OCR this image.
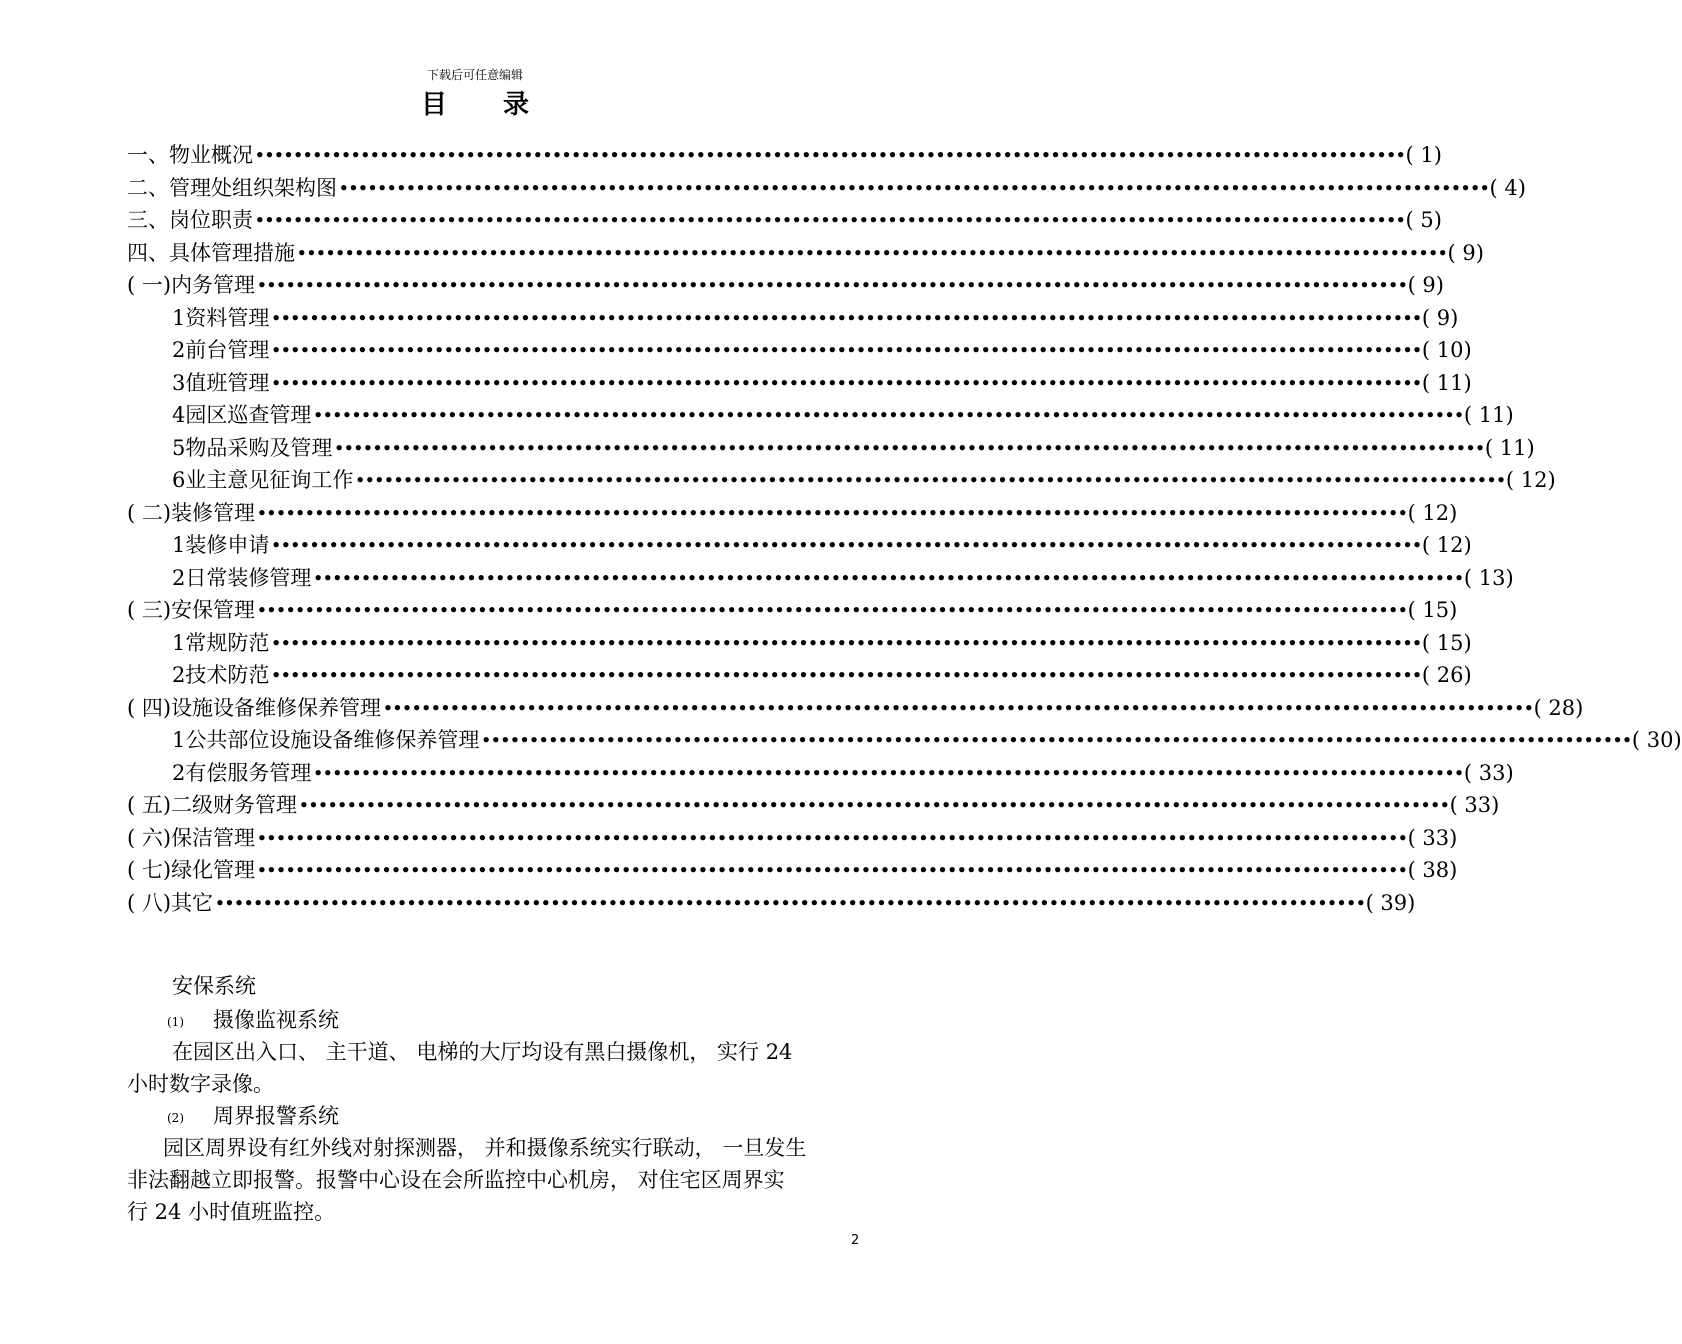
下载后可任意编辑
目 录
一、 物业概况 •••••••••••••••••••••••••••••••••••••••••••••••••••••••••••••••••••••••••••••••••••••••••••••••••••••••••••••••••••••••• ( 1)
二、 管理处组织架构图 •••••••••••••••••••••••••••••••••••••••••••••••••••••••••••••••••••••••••••••••••••••••••••••••••••••••••••••••••••••••• ( 4)
三、 岗位职责 •••••••••••••••••••••••••••••••••••••••••••••••••••••••••••••••••••••••••••••••••••••••••••••••••••••••••••••••••••••••• ( 5)
四、 具体管理措施 •••••••••••••••••••••••••••••••••••••••••••••••••••••••••••••••••••••••••••••••••••••••••••••••••••••••••••••••••••••••• ( 9)
( 一) 内务管理 •••••••••••••••••••••••••••••••••••••••••••••••••••••••••••••••••••••••••••••••••••••••••••••••••••••••••••••••••••••••• ( 9)
1 资料管理 •••••••••••••••••••••••••••••••••••••••••••••••••••••••••••••••••••••••••••••••••••••••••••••••••••••••••••••••••••••••• ( 9)
2 前台管理 •••••••••••••••••••••••••••••••••••••••••••••••••••••••••••••••••••••••••••••••••••••••••••••••••••••••••••••••••••••••• ( 10)
3 值班管理 •••••••••••••••••••••••••••••••••••••••••••••••••••••••••••••••••••••••••••••••••••••••••••••••••••••••••••••••••••••••• ( 11)
4 园区巡查管理 •••••••••••••••••••••••••••••••••••••••••••••••••••••••••••••••••••••••••••••••••••••••••••••••••••••••••••••••••••••••• ( 11)
5 物品采购及管理 •••••••••••••••••••••••••••••••••••••••••••••••••••••••••••••••••••••••••••••••••••••••••••••••••••••••••••••••••••••••• ( 11)
6 业主意见征询工作 •••••••••••••••••••••••••••••••••••••••••••••••••••••••••••••••••••••••••••••••••••••••••••••••••••••••••••••••••••••••• ( 12)
( 二) 装修管理 •••••••••••••••••••••••••••••••••••••••••••••••••••••••••••••••••••••••••••••••••••••••••••••••••••••••••••••••••••••••• ( 12)
1 装修申请 •••••••••••••••••••••••••••••••••••••••••••••••••••••••••••••••••••••••••••••••••••••••••••••••••••••••••••••••••••••••• ( 12)
2 日常装修管理 •••••••••••••••••••••••••••••••••••••••••••••••••••••••••••••••••••••••••••••••••••••••••••••••••••••••••••••••••••••••• ( 13)
( 三) 安保管理 •••••••••••••••••••••••••••••••••••••••••••••••••••••••••••••••••••••••••••••••••••••••••••••••••••••••••••••••••••••••• ( 15)
1 常规防范 •••••••••••••••••••••••••••••••••••••••••••••••••••••••••••••••••••••••••••••••••••••••••••••••••••••••••••••••••••••••• ( 15)
2 技术防范 •••••••••••••••••••••••••••••••••••••••••••••••••••••••••••••••••••••••••••••••••••••••••••••••••••••••••••••••••••••••• ( 26)
( 四) 设施设备维修保养管理 •••••••••••••••••••••••••••••••••••••••••••••••••••••••••••••••••••••••••••••••••••••••••••••••••••••••••••••••••••••••• ( 28)
1 公共部位设施设备维修保养管理 •••••••••••••••••••••••••••••••••••••••••••••••••••••••••••••••••••••••••••••••••••••••••••••••••••••••••••••••••••••••• ( 30)
2 有偿服务管理 •••••••••••••••••••••••••••••••••••••••••••••••••••••••••••••••••••••••••••••••••••••••••••••••••••••••••••••••••••••••• ( 33)
( 五) 二级财务管理 •••••••••••••••••••••••••••••••••••••••••••••••••••••••••••••••••••••••••••••••••••••••••••••••••••••••••••••••••••••••• ( 33)
( 六) 保洁管理 •••••••••••••••••••••••••••••••••••••••••••••••••••••••••••••••••••••••••••••••••••••••••••••••••••••••••••••••••••••••• ( 33)
( 七) 绿化管理 •••••••••••••••••••••••••••••••••••••••••••••••••••••••••••••••••••••••••••••••••••••••••••••••••••••••••••••••••••••••• ( 38)
( 八) 其它 •••••••••••••••••••••••••••••••••••••••••••••••••••••••••••••••••••••••••••••••••••••••••••••••••••••••••••••••••••••••• ( 39)
安保系统
(1) 摄像监视系统
在园区出入口、 主干道、 电梯的大厅均设有黑白摄像机， 实行 24
小时数字录像。
(2) 周界报警系统
园区周界设有红外线对射探测器， 并和摄像系统实行联动， 一旦发生
非法翻越立即报警。报警中心设在会所监控中心机房， 对住宅区周界实
行 24 小时值班监控。
2
